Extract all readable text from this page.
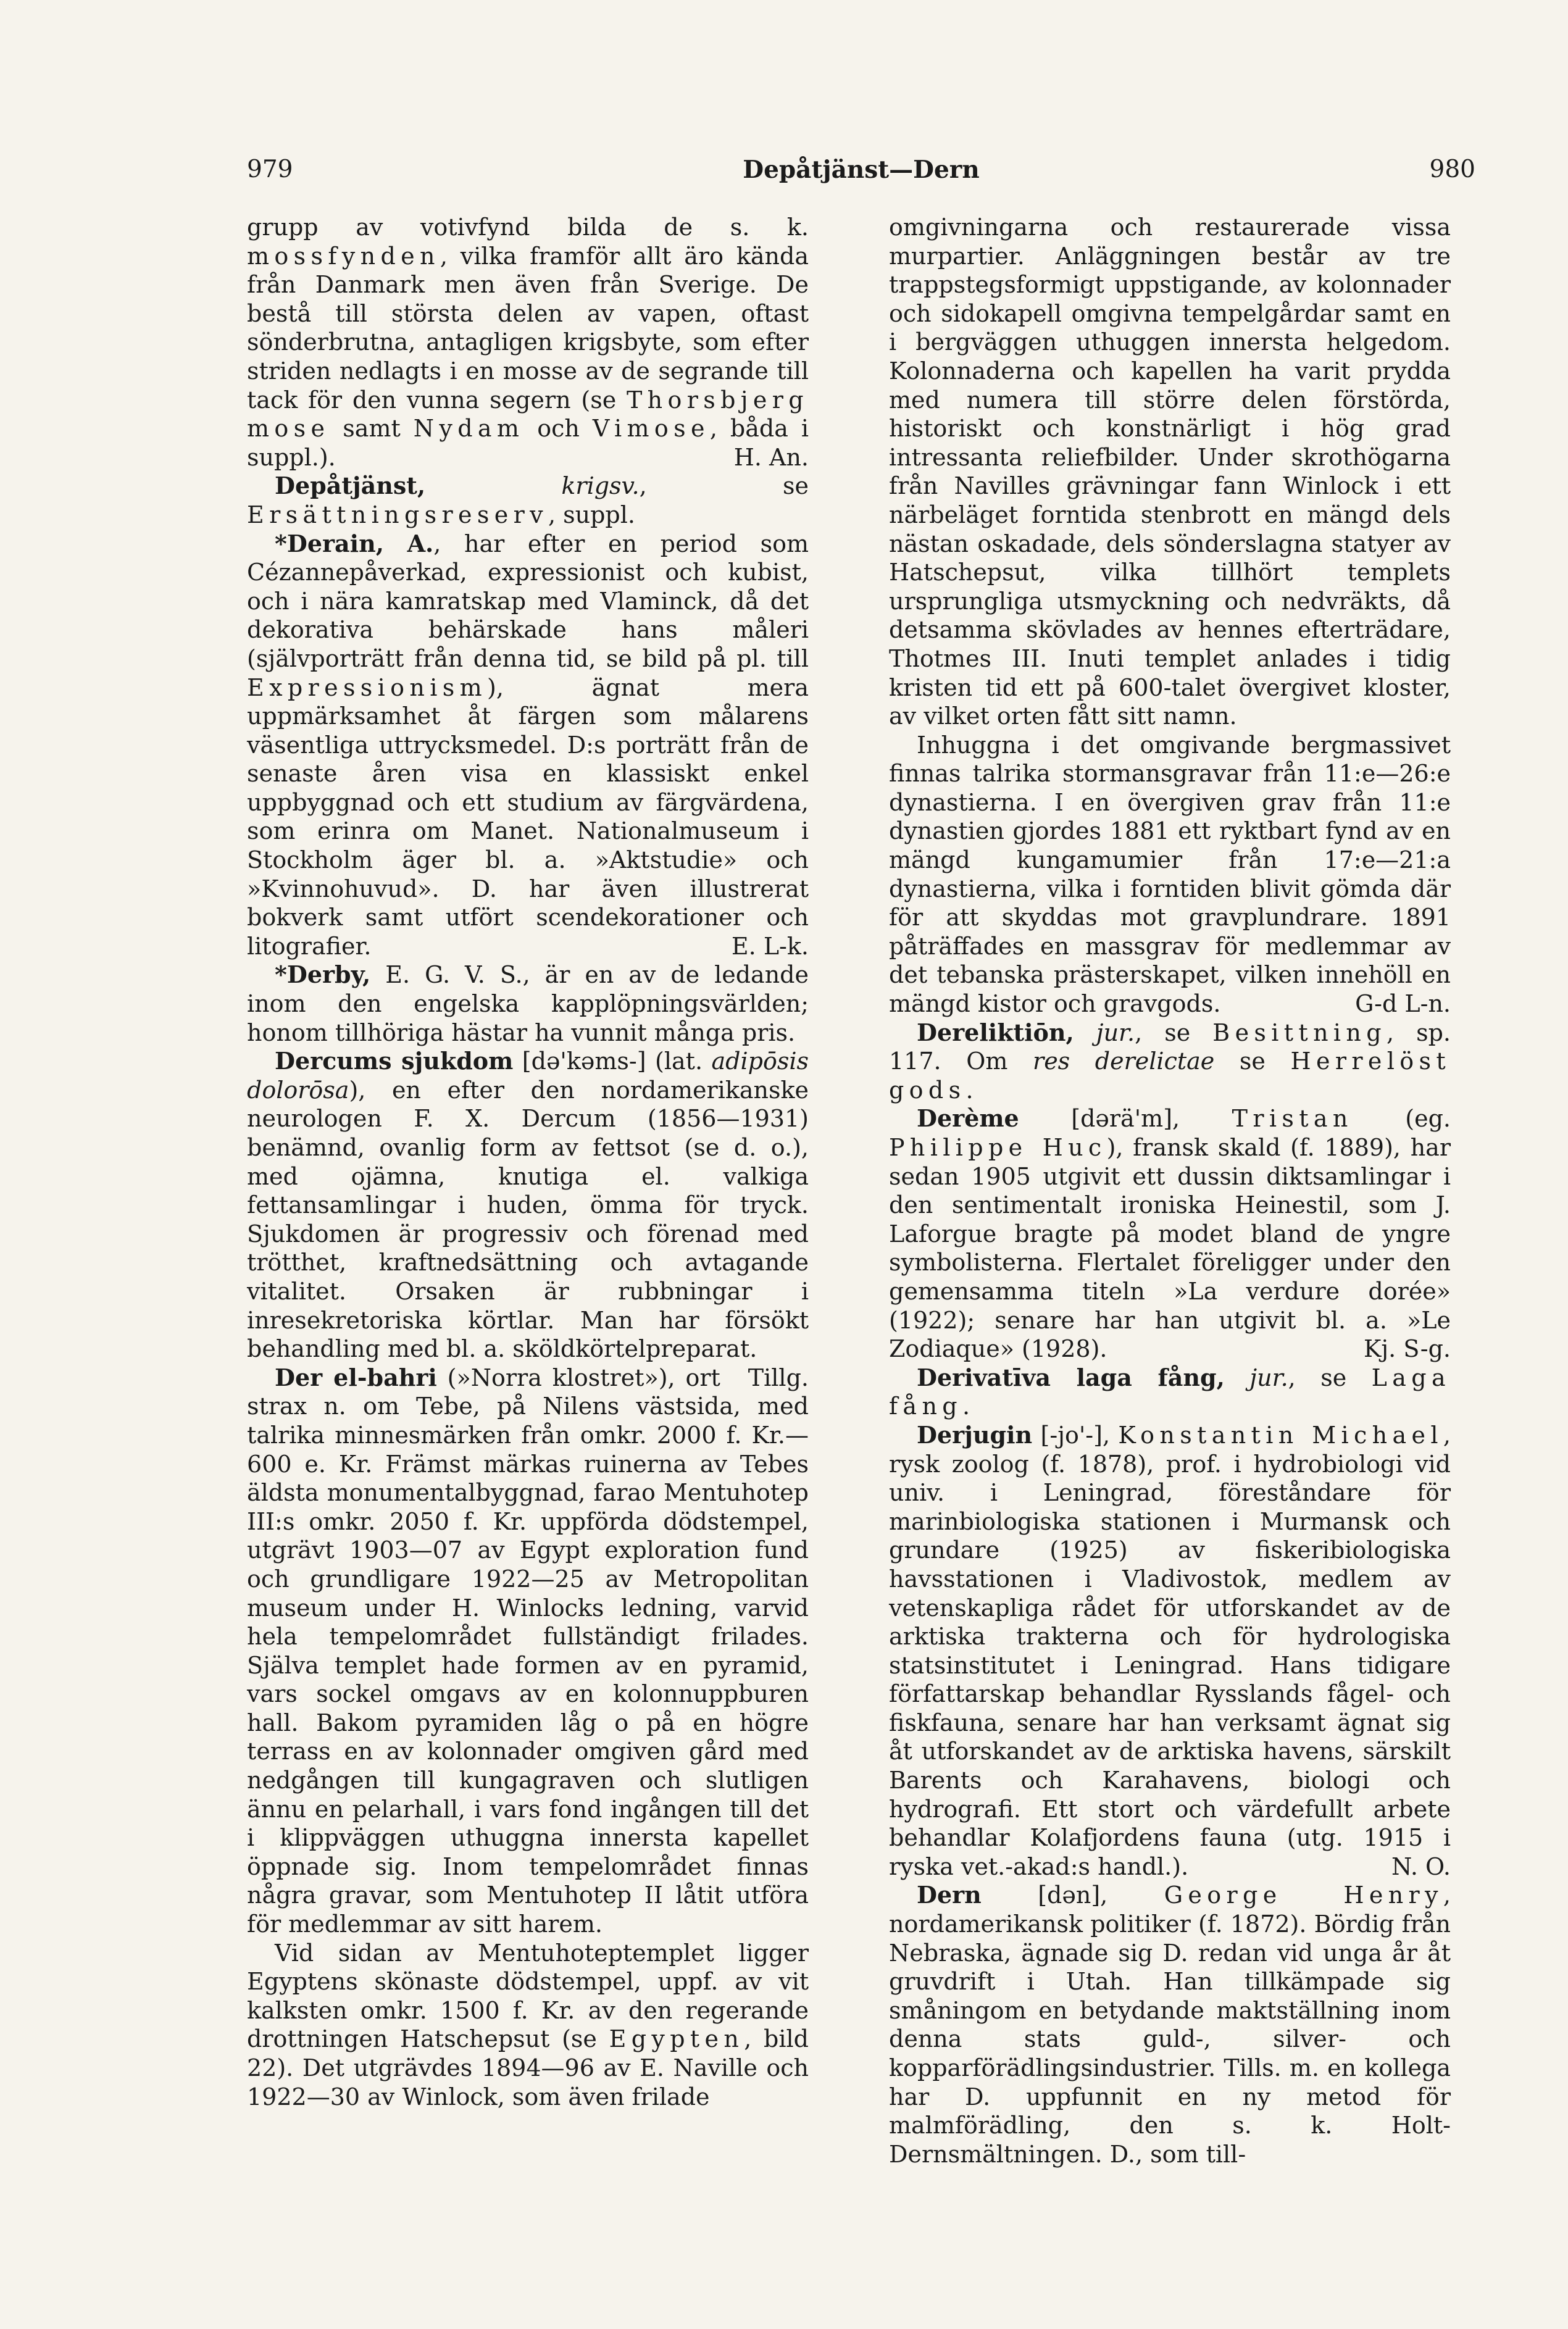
979	Depåtjänst—Dern	980

grupp av votivfynd bilda de s. k. mossfynden, vilka framför allt äro kända från Danmark men även från Sverige. De bestå till största delen av vapen, oftast sönderbrutna, antagligen krigsbyte, som efter striden nedlagts i en mosse av de segrande till tack för den vunna segern (se Thorsbjerg mose samt Nydam och Vimose, båda i suppl.).	H. An.

Depåtjänst,	krigsv., se Ersättningsreserv, suppl.

*Derain, A., har efter en period som Cézannepåverkad, expressionist och kubist, och i nära kamratskap med Vlaminck, då det dekorativa behärskade hans måleri (självporträtt från denna tid, se bild på pl. till Expressionism), ägnat mera uppmärksamhet åt färgen som målarens väsentliga uttrycksmedel. D:s porträtt från de senaste åren visa en klassiskt enkel uppbyggnad och ett studium av färgvärdena, som erinra om Manet. Nationalmuseum i Stockholm äger bl. a. »Aktstudie» och »Kvinnohuvud». D. har även illustrerat bokverk samt utfört scendekorationer och litografier.	E. L-k.

*Derby, E. G. V. S., är en av de ledande inom den engelska kapplöpningsvärlden; honom tillhöriga hästar ha vunnit många pris.

Dercums sjukdom [dǝ'kǝms-] (lat. adipōsis dolorōsa), en efter den nordamerikanske neurologen F. X. Dercum (1856—1931) benämnd, ovanlig form av fettsot (se d. o.), med ojämna, knutiga el. valkiga fettansamlingar i huden, ömma för tryck. Sjukdomen är progressiv och förenad med trötthet, kraftnedsättning och avtagande vitalitet. Orsaken är rubbningar i inresekretoriska körtlar. Man har försökt behandling med bl. a. sköldkörtelpreparat.
Tillg.

Der el-bahri (»Norra klostret»), ort strax n. om Tebe, på Nilens västsida, med talrika minnesmärken från omkr. 2000 f. Kr.—600 e. Kr. Främst märkas ruinerna av Tebes äldsta monumentalbyggnad, farao Mentuhotep III:s omkr. 2050 f. Kr. uppförda dödstempel, utgrävt 1903—07 av Egypt exploration fund och grundligare 1922—25 av Metropolitan museum under H. Winlocks ledning, varvid hela tempelområdet fullständigt frilades. Själva templet hade formen av en pyramid, vars sockel omgavs av en kolonnuppburen hall. Bakom pyramiden låg o på en högre terrass en av kolonnader omgiven gård med nedgången till kungagraven och slutligen ännu en pelarhall, i vars fond ingången till det i klippväggen uthuggna innersta kapellet öppnade sig. Inom tempelområdet finnas några gravar, som Mentuhotep II låtit utföra för medlemmar av sitt harem.

Vid sidan av Mentuhoteptemplet ligger Egyptens skönaste dödstempel, uppf. av vit kalksten omkr. 1500 f. Kr. av den regerande drottningen Hatschepsut (se Egypten, bild 22). Det utgrävdes 1894—96 av E. Naville och 1922—30 av Winlock, som även frilade

omgivningarna och restaurerade vissa murpartier. Anläggningen består av tre trappstegsformigt uppstigande, av kolonnader och sidokapell omgivna tempelgårdar samt en i bergväggen uthuggen innersta helgedom. Kolonnaderna och kapellen ha varit prydda med numera till större delen förstörda, historiskt och konstnärligt i hög grad intressanta reliefbilder. Under skrothögarna från Navilles grävningar fann Winlock i ett närbeläget forntida stenbrott en mängd dels nästan oskadade, dels sönderslagna statyer av Hatschepsut, vilka tillhört templets ursprungliga utsmyckning och nedvräkts, då detsamma skövlades av hennes efterträdare, Thotmes III. Inuti templet anlades i tidig kristen tid ett på 600-talet övergivet kloster, av vilket orten fått sitt namn.

Inhuggna i det omgivande bergmassivet finnas talrika stormansgravar från 11:e—26:e dynastierna. I en övergiven grav från 11:e dynastien gjordes 1881 ett ryktbart fynd av en mängd kungamumier från 17:e—21:a dynastierna, vilka i forntiden blivit gömda där för att skyddas mot gravplundrare. 1891 påträffades en massgrav för medlemmar av det tebanska prästerskapet, vilken innehöll en mängd kistor och gravgods.	G-d L-n.

Dereliktiōn, jur., se Besittning, sp. 117. Om res derelictae se Herrelöst gods.

Derème [dǝrä'm], Tristan (eg. Philippe Huc), fransk skald (f. 1889), har sedan 1905 utgivit ett dussin diktsamlingar i den sentimentalt ironiska Heinestil, som J. Laforgue bragte på modet bland de yngre symbolisterna. Flertalet föreligger under den gemensamma titeln »La verdure dorée» (1922); senare har han utgivit bl. a. »Le Zodiaque» (1928).	Kj. S-g.

Derivatīva laga fång, jur., se Laga fång.

Derjugin [-jo'-], Konstantin Michael, rysk zoolog (f. 1878), prof. i hydrobiologi vid univ. i Leningrad, föreståndare för marinbiologiska stationen i Murmansk och grundare (1925) av fiskeribiologiska havsstationen i Vladivostok, medlem av vetenskapliga rådet för utforskandet av de arktiska trakterna och för hydrologiska statsinstitutet i Leningrad. Hans tidigare författarskap behandlar Rysslands fågel- och fiskfauna, senare har han verksamt ägnat sig åt utforskandet av de arktiska havens, särskilt Barents och Karahavens, biologi och hydrografi. Ett stort och värdefullt arbete behandlar Kolafjordens fauna (utg. 1915 i ryska vet.-akad:s handl.).	N. O.

Dern [dǝn], George Henry, nordamerikansk politiker (f. 1872). Bördig från Nebraska, ägnade sig D. redan vid unga år åt gruvdrift i Utah. Han tillkämpade sig småningom en betydande maktställning inom denna stats guld-, silver- och kopparförädlingsindustrier. Tills. m. en kollega har D. uppfunnit en ny metod för malmförädling, den s. k. Holt-Dernsmältningen. D., som till-
